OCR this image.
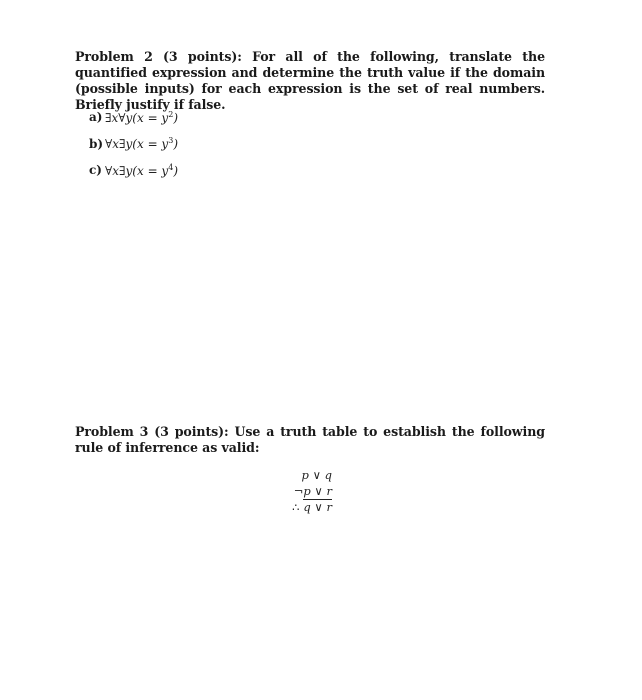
Problem 2 (3 points): For all of the following, translate the quantified expression and determine the truth value if the domain (possible inputs) for each expression is the set of real numbers. Briefly justify if false.
a) ∃x∀y(x = $y^2$)
b) ∀x∃y(x = $y^3$)
c) ∀x∃y(x = $y^4$)
Problem 3 (3 points): Use a truth table to establish the following rule of inferrence as valid:
p ∨ q
¬p ∨ r
∴ q ∨ r
